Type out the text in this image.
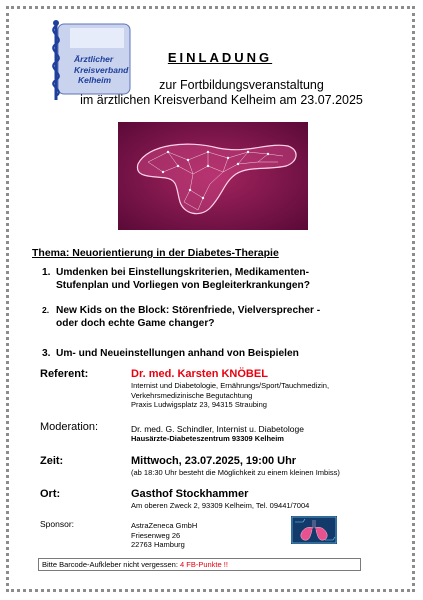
Ärztlicher
Kreisverband
Kelheim
EINLADUNG
zur Fortbildungsveranstaltung
im ärztlichen Kreisverband Kelheim am 23.07.2025
Thema: Neuorientierung in der Diabetes-Therapie
1. Umdenken bei Einstellungskriterien, Medikamenten-
Stufenplan und Vorliegen von Begleiterkrankungen?
2. New Kids on the Block: Störenfriede, Vielversprecher -
oder doch echte Game changer?
3. Um- und Neueinstellungen anhand von Beispielen
Referent:	Dr. med. Karsten KNÖBEL
Internist und Diabetologie, Ernährungs/Sport/Tauchmedizin,
Verkehrsmedizinische Begutachtung
Praxis Ludwigsplatz 23, 94315 Straubing
Moderation:	Dr. med. G. Schindler, Internist u. Diabetologe
Hausärzte-Diabeteszentrum 93309 Kelheim
Zeit:	Mittwoch, 23.07.2025, 19:00 Uhr
(ab 18:30 Uhr besteht die Möglichkeit zu einem kleinen Imbiss)
Ort:	Gasthof Stockhammer
Am oberen Zweck 2, 93309 Kelheim, Tel. 09441/7004
Sponsor:	AstraZeneca GmbH
Friesenweg 26
22763 Hamburg
Bitte Barcode-Aufkleber nicht vergessen: 4 FB-Punkte !!
